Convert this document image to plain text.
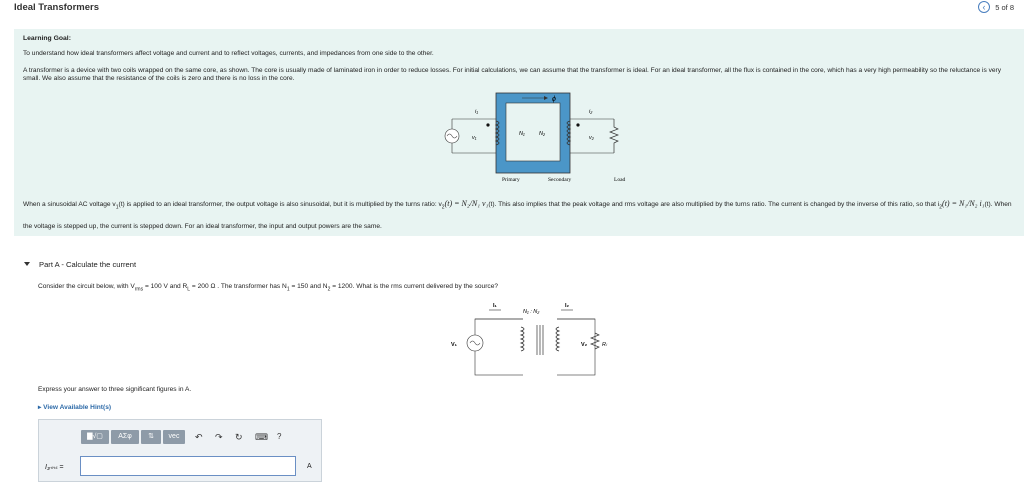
Ideal Transformers	‹	5 of 8
Learning Goal:
To understand how ideal transformers affect voltage and current and to reflect voltages, currents, and impedances from one side to the other.
A transformer is a device with two coils wrapped on the same core, as shown. The core is usually made of laminated iron in order to reduce losses. For initial calculations, we can assume that the transformer is ideal. For an ideal transformer, all the flux is contained in the core, which has a very high permeability so the reluctance is very small. We also assume that the resistance of the coils is zero and there is no loss in the core.
ϕ
N₁	N₂
i₁
v₁
i₂
v₂
Primary	Secondary	Load
When a sinusoidal AC voltage $v_1(t)$ is applied to an ideal transformer, the output voltage is also sinusoidal, but it is multiplied by the turns ratio: $v_2(t) = N_2/N_1$ v₁(t). This also implies that the peak voltage and rms voltage are also multiplied by the turns ratio. The current is changed by the inverse of this ratio, so that $i_2(t) = N_1/N_2$ i₁(t). When the voltage is stepped up, the current is stepped down. For an ideal transformer, the input and output powers are the same.
Part A - Calculate the current
Consider the circuit below, with $V_{rms} = 100$ V and $R_L = 200$ Ω . The transformer has $N_1 = 150$ and $N_2 = 1200$. What is the rms current delivered by the source?
I₁	I₂
N₁ : N₂
V₁	V₂	Rₗ
Express your answer to three significant figures in A.
▸ View Available Hint(s)
▇√▢	ΑΣφ	⇅	vec	↶ ↷ ↻ ⌨ ?
I₁ᵣₘₛ =	A
